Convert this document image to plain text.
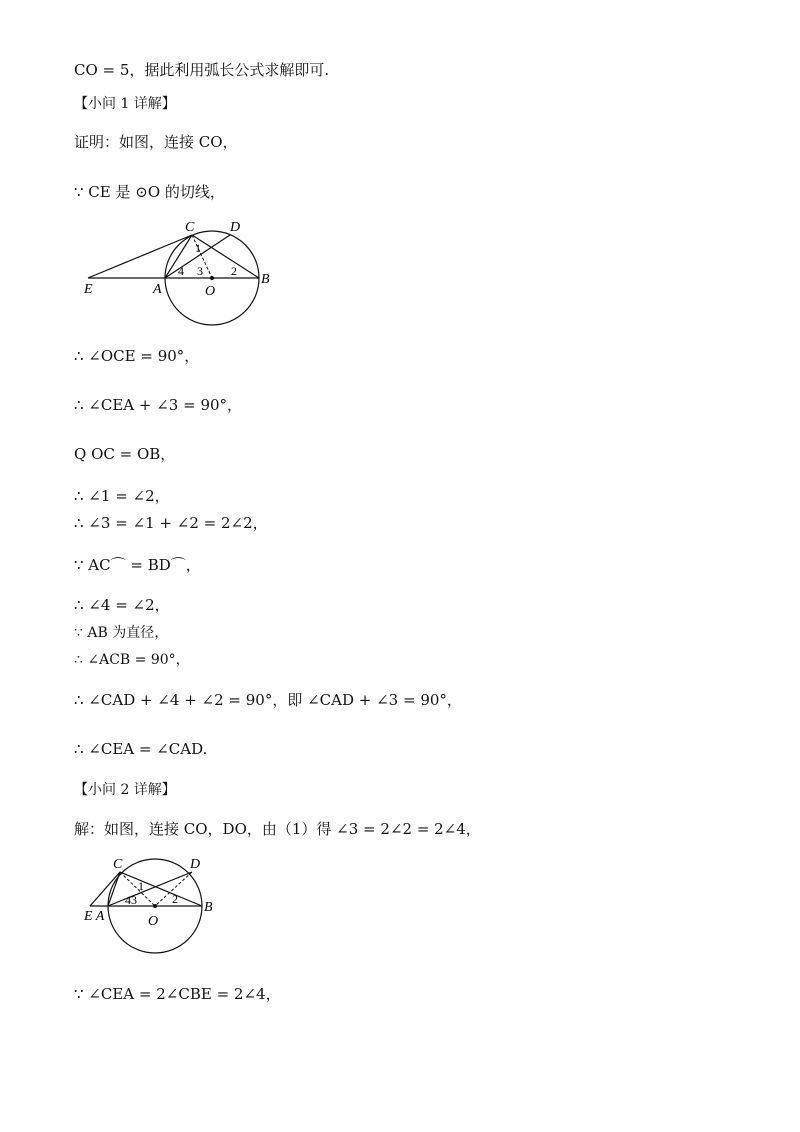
CO = 5，据此利用弧长公式求解即可.
【小问 1 详解】
证明：如图，连接 CO，
∵ CE 是 ⊙O 的切线，
C	D
E	A	O
B
1
2
3
4
∴ ∠OCE = 90°，
∴ ∠CEA + ∠3 = 90°，
Q OC = OB，
∴ ∠1 = ∠2，
∴ ∠3 = ∠1 + ∠2 = 2∠2，
∵ AC⌒ = BD⌒，
∴ ∠4 = ∠2，
∵ AB 为直径，
∴ ∠ACB = 90°，
∴ ∠CAD + ∠4 + ∠2 = 90°，即 ∠CAD + ∠3 = 90°，
∴ ∠CEA = ∠CAD.
【小问 2 详解】
解：如图，连接 CO，DO，由（1）得 ∠3 = 2∠2 = 2∠4，
C	D
E A	O
B
1
2
43
∵ ∠CEA = 2∠CBE = 2∠4，
